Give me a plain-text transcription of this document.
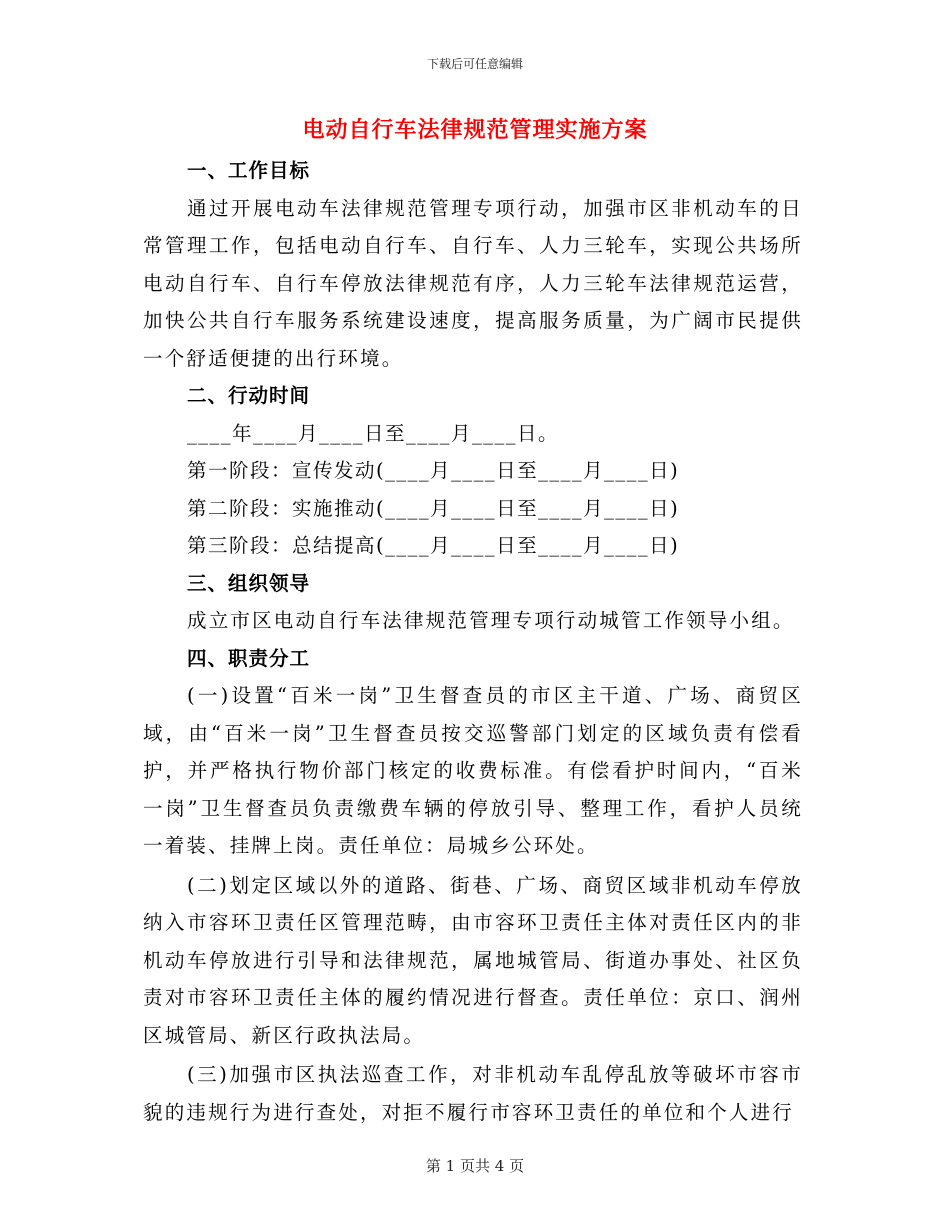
下载后可任意编辑
电动自行车法律规范管理实施方案
一、工作目标

通过开展电动车法律规范管理专项行动，加强市区非机动车的日常管理工作，包括电动自行车、自行车、人力三轮车，实现公共场所电动自行车、自行车停放法律规范有序，人力三轮车法律规范运营，加快公共自行车服务系统建设速度，提高服务质量，为广阔市民提供一个舒适便捷的出行环境。

二、行动时间
____年____月____日至____月____日。
第一阶段：宣传发动(____月____日至____月____日)
第二阶段：实施推动(____月____日至____月____日)
第三阶段：总结提高(____月____日至____月____日)
三、组织领导

成立市区电动自行车法律规范管理专项行动城管工作领导小组。

四、职责分工

(一)设置“百米一岗”卫生督查员的市区主干道、广场、商贸区域，由“百米一岗”卫生督查员按交巡警部门划定的区域负责有偿看护，并严格执行物价部门核定的收费标准。有偿看护时间内，“百米一岗”卫生督查员负责缴费车辆的停放引导、整理工作，看护人员统一着装、挂牌上岗。责任单位：局城乡公环处。

(二)划定区域以外的道路、街巷、广场、商贸区域非机动车停放纳入市容环卫责任区管理范畴，由市容环卫责任主体对责任区内的非机动车停放进行引导和法律规范，属地城管局、街道办事处、社区负责对市容环卫责任主体的履约情况进行督查。责任单位：京口、润州区城管局、新区行政执法局。

(三)加强市区执法巡查工作，对非机动车乱停乱放等破坏市容市貌的违规行为进行查处，对拒不履行市容环卫责任的单位和个人进行

第 1 页共 4 页
